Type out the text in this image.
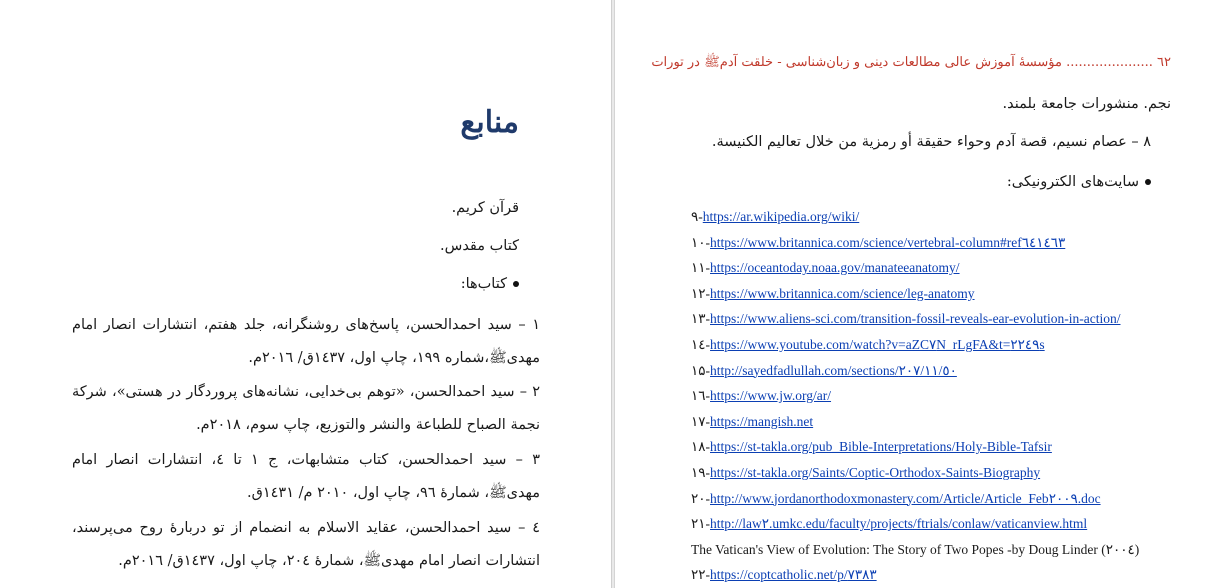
منابع
قرآن کریم.
کتاب مقدس.
کتاب‌ها:
۱ – سید احمدالحسن، پاسخ‌های روشنگرانه، جلد هفتم، انتشارات انصار امام مهدیﷺ،شماره ۱۹۹، چاپ اول، ۱٤۳۷ق/ ۲۰۱٦م.
۲ – سید احمدالحسن، «توهم بی‌خدایی، نشانه‌های پروردگار در هستی»، شرکة نجمة الصباح للطباعة والنشر والتوزیع، چاپ سوم، ۲۰۱۸م.
۳ – سید احمدالحسن، کتاب متشابهات، ج ۱ تا ٤، انتشارات انصار امام مهدیﷺ، شمارۀ ۹٦، چاپ اول، ۲۰۱۰ م/ ۱٤۳۱ق.
٤ – سید احمدالحسن، عقاید الاسلام به انضمام از تو دربارۀ روح می‌پرسند، انتشارات انصار امام مهدیﷺ، شمارۀ ۲۰٤، چاپ اول، ۱٤۳۷ق/ ۲۰۱٦م.
٦۲ ..................... مؤسسۀ آموزش عالی مطالعات دینی و زبان‌شناسی - خلقت آدمﷺ در تورات
نجم. منشورات جامعة بلمند.
۸ – عصام نسیم، قصة آدم وحواء حقیقة أو رمزیة من خلال تعالیم الکنیسة.
سایت‌های الکترونیکی:
۹-https://ar.wikipedia.org/wiki/
۱۰-https://www.britannica.com/science/vertebral-column#ref٦٤١٤٦٣
۱۱-https://oceantoday.noaa.gov/manateeanatomy/
۱۲-https://www.britannica.com/science/leg-anatomy
۱۳-https://www.aliens-sci.com/transition-fossil-reveals-ear-evolution-in-action/
۱٤-https://www.youtube.com/watch?v=aZC٧N_rLgFA&t=٢٢٤٩s
۱۵-http://sayedfadlullah.com/sections/٢٠٧/١١/٥٠
۱٦-https://www.jw.org/ar/
۱۷-https://mangish.net
۱۸-https://st-takla.org/pub_Bible-Interpretations/Holy-Bible-Tafsir
۱۹-https://st-takla.org/Saints/Coptic-Orthodox-Saints-Biography
۲۰-http://www.jordanorthodoxmonastery.com/Article/Article_Feb٢٠٠٩.doc
۲۱-http://law٢.umkc.edu/faculty/projects/ftrials/conlaw/vaticanview.html
The Vatican's View of Evolution: The Story of Two Popes -by Doug Linder (٢٠٠٤)
۲۲-https://coptcatholic.net/p/٧٣٨٣
